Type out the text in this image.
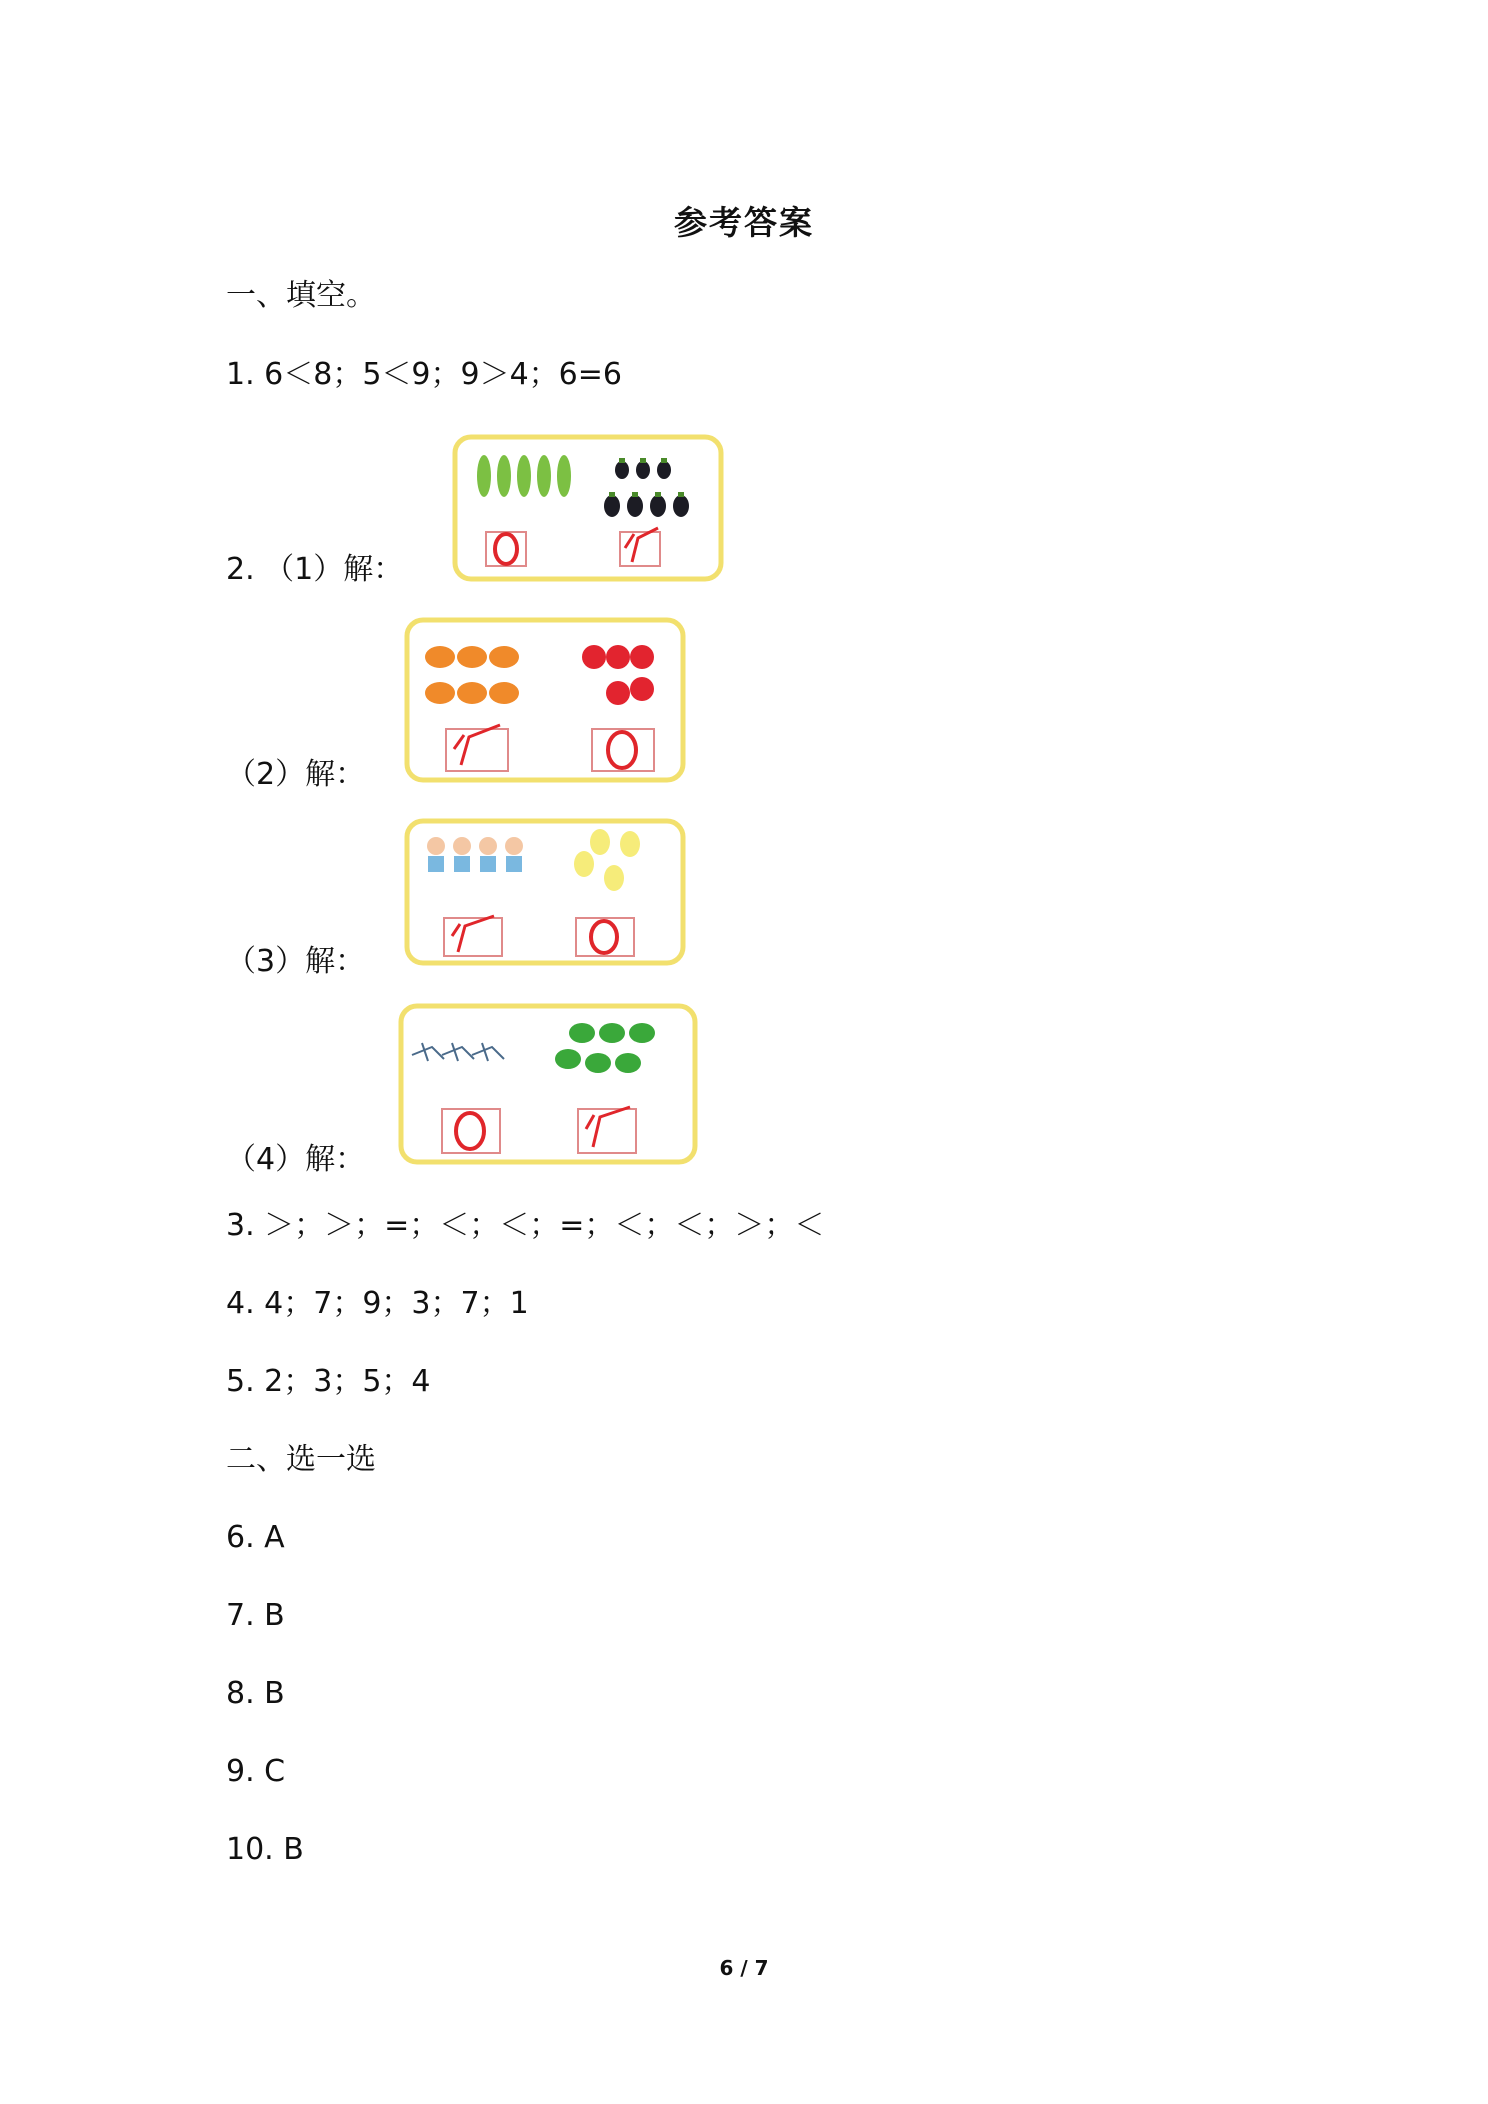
参考答案
一、填空。
1. 6＜8；5＜9；9＞4；6=6
2. （1）解：
（2）解：
（3）解：
（4）解：
3. ＞；＞；=；＜；＜；=；＜；＜；＞；＜
4. 4；7；9；3；7；1
5. 2；3；5；4
二、选一选
6. A
7. B
8. B
9. C
10. B
6 / 7
